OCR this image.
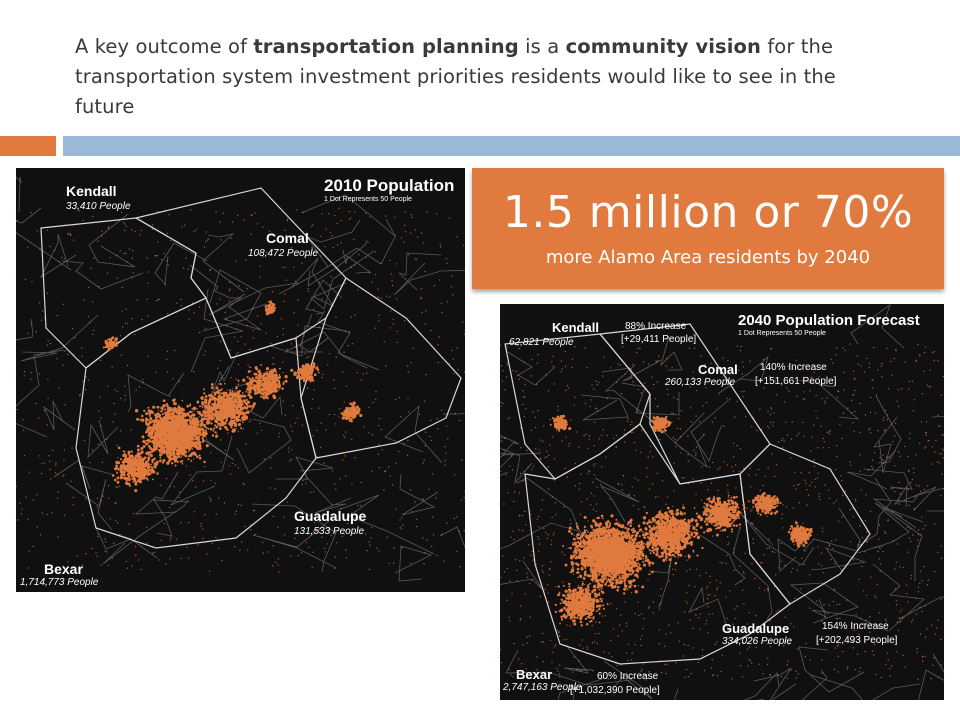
A key outcome of transportation planning is a community vision for the transportation system investment priorities residents would like to see in the future
2010 Population
1 Dot Represents 50 People
Kendall
33,410 People
Comal
108,472 People
Guadalupe
131,533 People
Bexar
1,714,773 People
1.5 million or 70%
more Alamo Area residents by 2040
2040 Population Forecast
1 Dot Represents 50 People
Kendall
62,821 People
88% Increase
[+29,411 People]
Comal
260,133 People
140% Increase
[+151,661 People]
Guadalupe
334,026 People
154% Increase
[+202,493 People]
Bexar
2,747,163 People
60% Increase
[+1,032,390 People]
